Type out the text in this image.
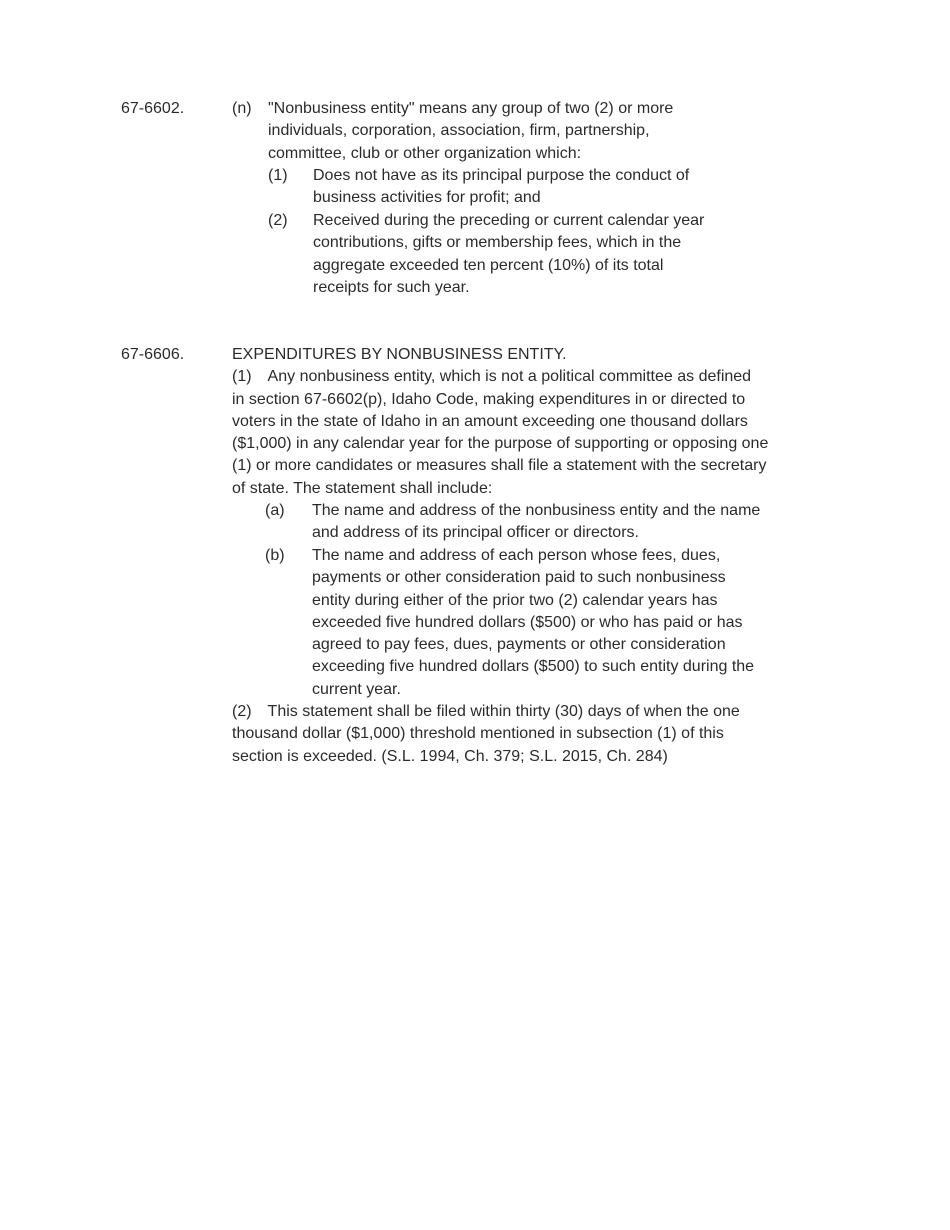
67-6602.	(n) "Nonbusiness entity" means any group of two (2) or more
individuals, corporation, association, firm, partnership,
committee, club or other organization which:
(1) Does not have as its principal purpose the conduct of
business activities for profit; and
(2) Received during the preceding or current calendar year
contributions, gifts or membership fees, which in the
aggregate exceeded ten percent (10%) of its total
receipts for such year.
67-6606.	EXPENDITURES BY NONBUSINESS ENTITY.
(1) Any nonbusiness entity, which is not a political committee as defined
in section 67-6602(p), Idaho Code, making expenditures in or directed to
voters in the state of Idaho in an amount exceeding one thousand dollars
($1,000) in any calendar year for the purpose of supporting or opposing one
(1) or more candidates or measures shall file a statement with the secretary
of state. The statement shall include:
(a) The name and address of the nonbusiness entity and the name
and address of its principal officer or directors.
(b) The name and address of each person whose fees, dues,
payments or other consideration paid to such nonbusiness
entity during either of the prior two (2) calendar years has
exceeded five hundred dollars ($500) or who has paid or has
agreed to pay fees, dues, payments or other consideration
exceeding five hundred dollars ($500) to such entity during the
current year.
(2) This statement shall be filed within thirty (30) days of when the one
thousand dollar ($1,000) threshold mentioned in subsection (1) of this
section is exceeded. (S.L. 1994, Ch. 379; S.L. 2015, Ch. 284)
